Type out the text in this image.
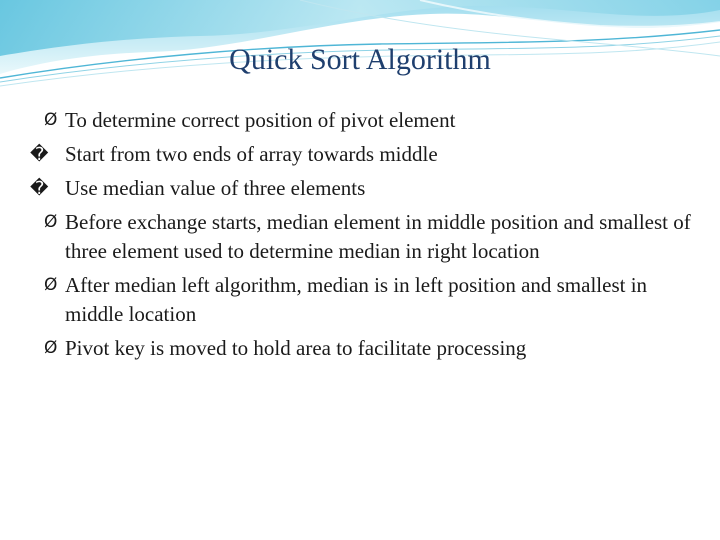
Quick Sort Algorithm
Ø To determine correct position of pivot element
� Start from two ends of array towards middle
� Use median value of three elements
Ø Before exchange starts, median element in middle position and smallest of three element used to determine median in right location
Ø After median left algorithm, median is in left position and smallest in middle location
Ø Pivot key is moved to hold area to facilitate processing
